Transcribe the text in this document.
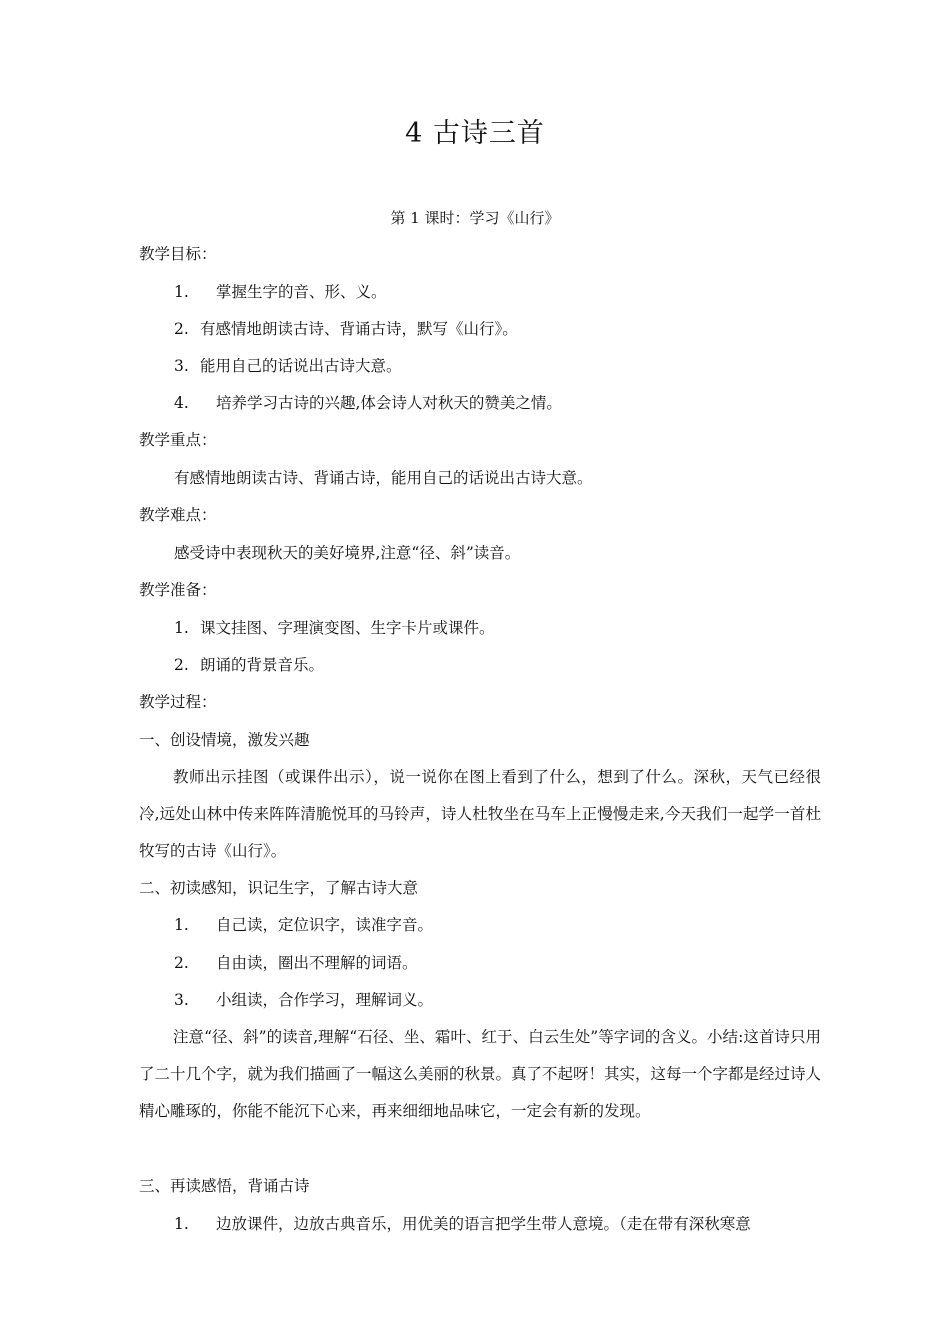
4 古诗三首
第 1 课时：学习《山行》
教学目标：
1. 掌握生字的音、形、义。
2. 有感情地朗读古诗、背诵古诗，默写《山行》。
3. 能用自己的话说出古诗大意。
4. 培养学习古诗的兴趣,体会诗人对秋天的赞美之情。
教学重点：
有感情地朗读古诗、背诵古诗，能用自己的话说出古诗大意。
教学难点：
感受诗中表现秋天的美好境界,注意“径、斜”读音。
教学准备：
1. 课文挂图、字理演变图、生字卡片或课件。
2. 朗诵的背景音乐。
教学过程：
一、创设情境，激发兴趣
教师出示挂图（或课件出示），说一说你在图上看到了什么，想到了什么。深秋，天气已经很冷,远处山林中传来阵阵清脆悦耳的马铃声，诗人杜牧坐在马车上正慢慢走来,今天我们一起学一首杜牧写的古诗《山行》。
二、初读感知，识记生字，了解古诗大意
1. 自己读，定位识字，读准字音。
2. 自由读，圈出不理解的词语。
3. 小组读，合作学习，理解词义。
注意“径、斜”的读音,理解“石径、坐、霜叶、红于、白云生处”等字词的含义。小结:这首诗只用了二十几个字，就为我们描画了一幅这么美丽的秋景。真了不起呀！其实，这每一个字都是经过诗人精心雕琢的，你能不能沉下心来，再来细细地品味它，一定会有新的发现。
三、再读感悟，背诵古诗
1. 边放课件，边放古典音乐，用优美的语言把学生带人意境。（走在带有深秋寒意
